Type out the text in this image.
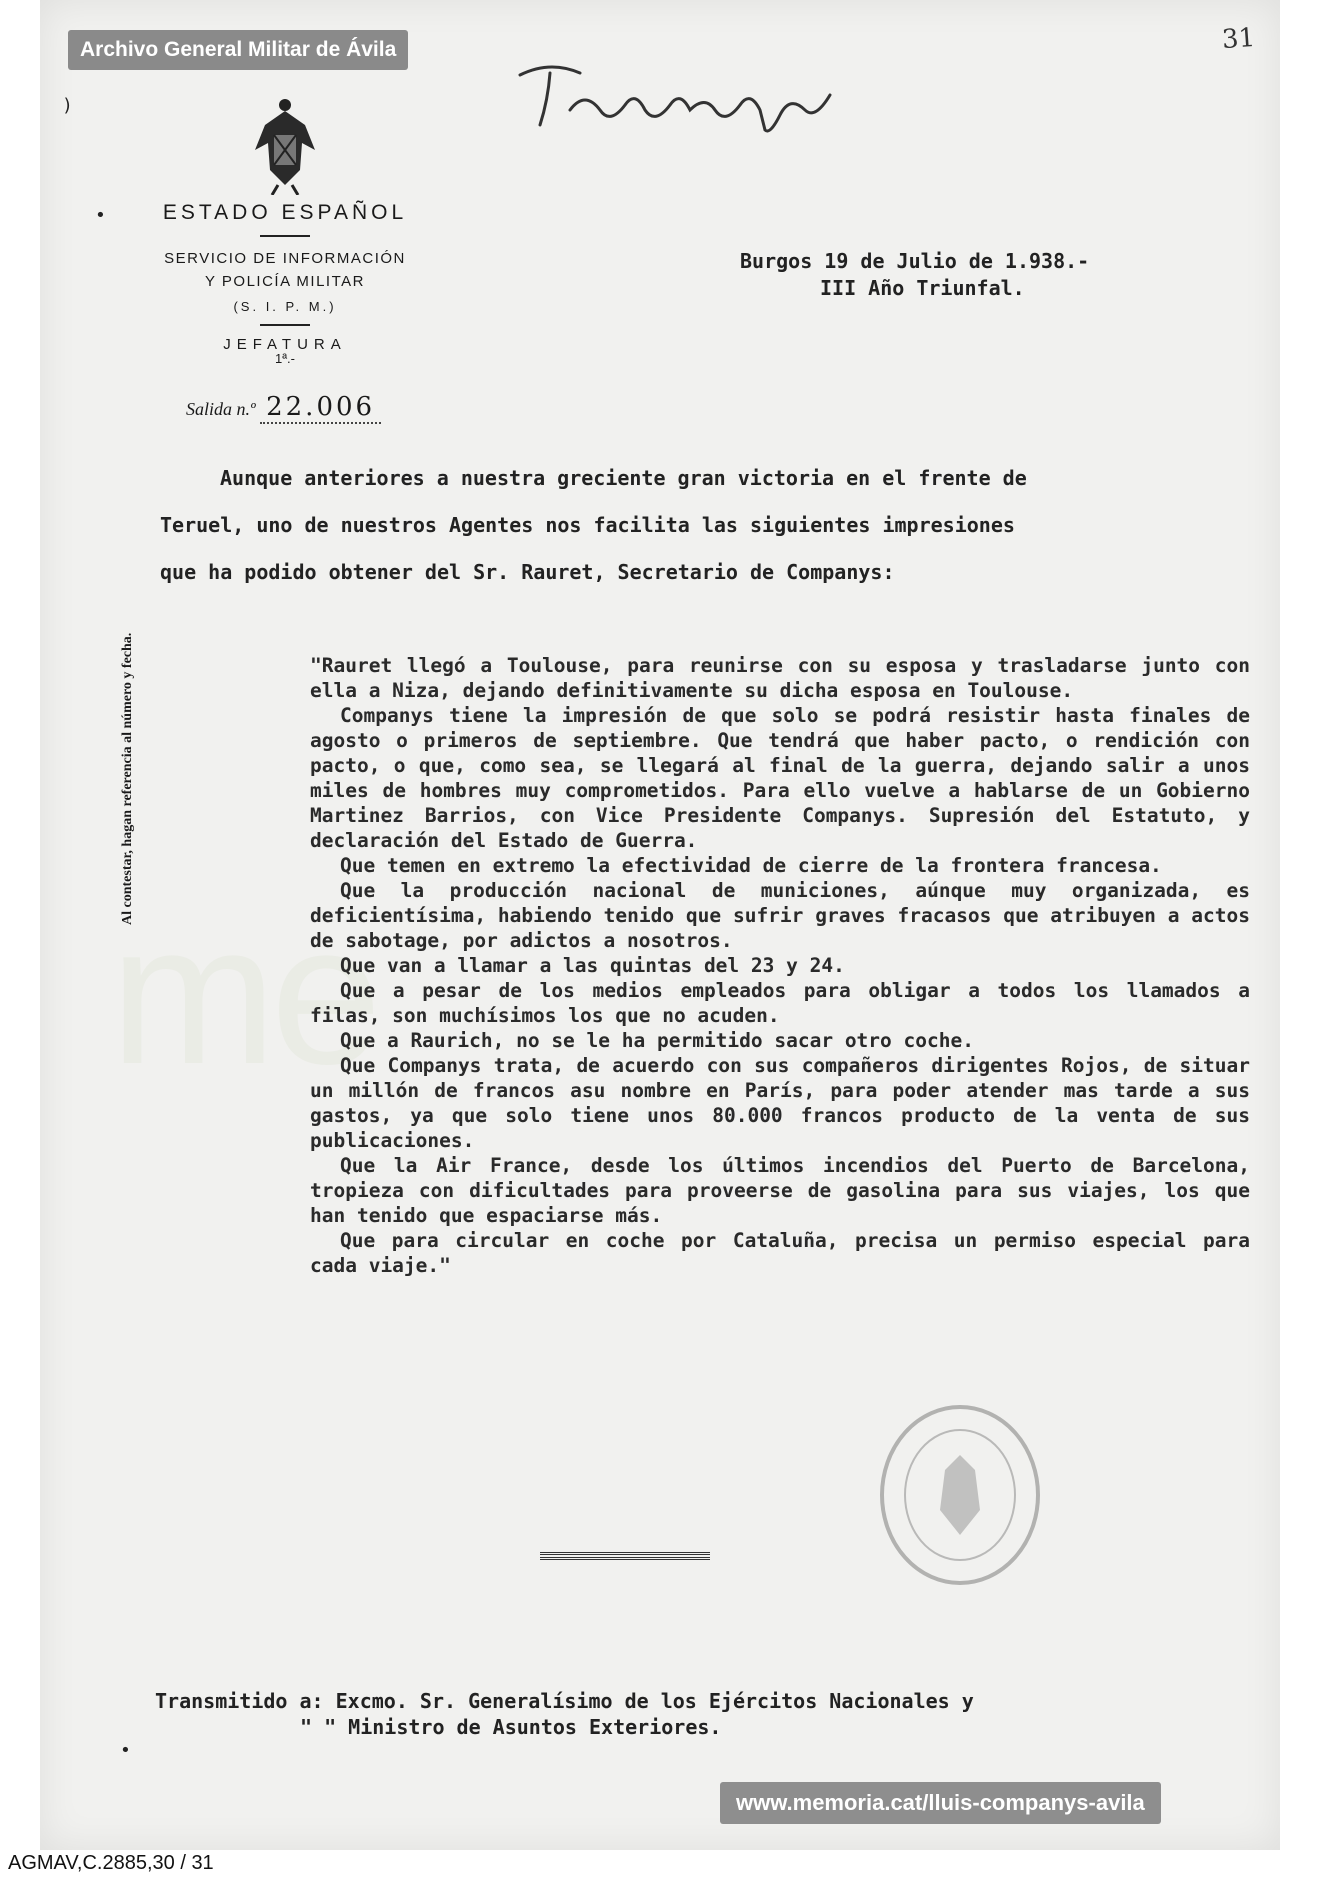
me
Archivo General Militar de Ávila	31
ESTADO ESPAÑOL
SERVICIO DE INFORMACIÓN
Y POLICÍA MILITAR
(S. I. P. M.)
JEFATURA
1ª.-
Salida n.º 22.006
Al contestar, hagan referencia al número y fecha.
Burgos 19 de Julio de 1.938.-
III Año Triunfal.
Aunque anteriores a nuestra greciente gran victoria en el frente de
Teruel, uno de nuestros Agentes nos facilita las siguientes impresiones
que ha podido obtener del Sr. Rauret, Secretario de Companys:

"Rauret llegó a Toulouse, para reunirse con su esposa y trasladarse junto con ella a Niza, dejando definitivamente su dicha esposa en Toulouse.

Companys tiene la impresión de que solo se podrá resistir hasta finales de agosto o primeros de septiembre. Que tendrá que haber pacto, o rendición con pacto, o que, como sea, se llegará al final de la guerra, dejando salir a unos miles de hombres muy comprometidos. Para ello vuelve a hablarse de un Gobierno Martinez Barrios, con Vice Presidente Companys. Supresión del Estatuto, y declaración del Estado de Guerra.

Que temen en extremo la efectividad de cierre de la frontera francesa.

Que la producción nacional de municiones, aúnque muy organizada, es deficientísima, habiendo tenido que sufrir graves fracasos que atribuyen a actos de sabotage, por adictos a nosotros.

Que van a llamar a las quintas del 23 y 24.

Que a pesar de los medios empleados para obligar a todos los llamados a filas, son muchísimos los que no acuden.

Que a Raurich, no se le ha permitido sacar otro coche.

Que Companys trata, de acuerdo con sus compañeros dirigentes Rojos, de situar un millón de francos asu nombre en París, para poder atender mas tarde a sus gastos, ya que solo tiene unos 80.000 francos producto de la venta de sus publicaciones.

Que la Air France, desde los últimos incendios del Puerto de Barcelona, tropieza con dificultades para proveerse de gasolina para sus viajes, los que han tenido que espaciarse más.

Que para circular en coche por Cataluña, precisa un permiso especial para cada viaje."

Transmitido a: Excmo. Sr. Generalísimo de los Ejércitos Nacionales y
" " Ministro de Asuntos Exteriores.
)
•
•
www.memoria.cat/lluis-companys-avila
AGMAV,C.2885,30 / 31
